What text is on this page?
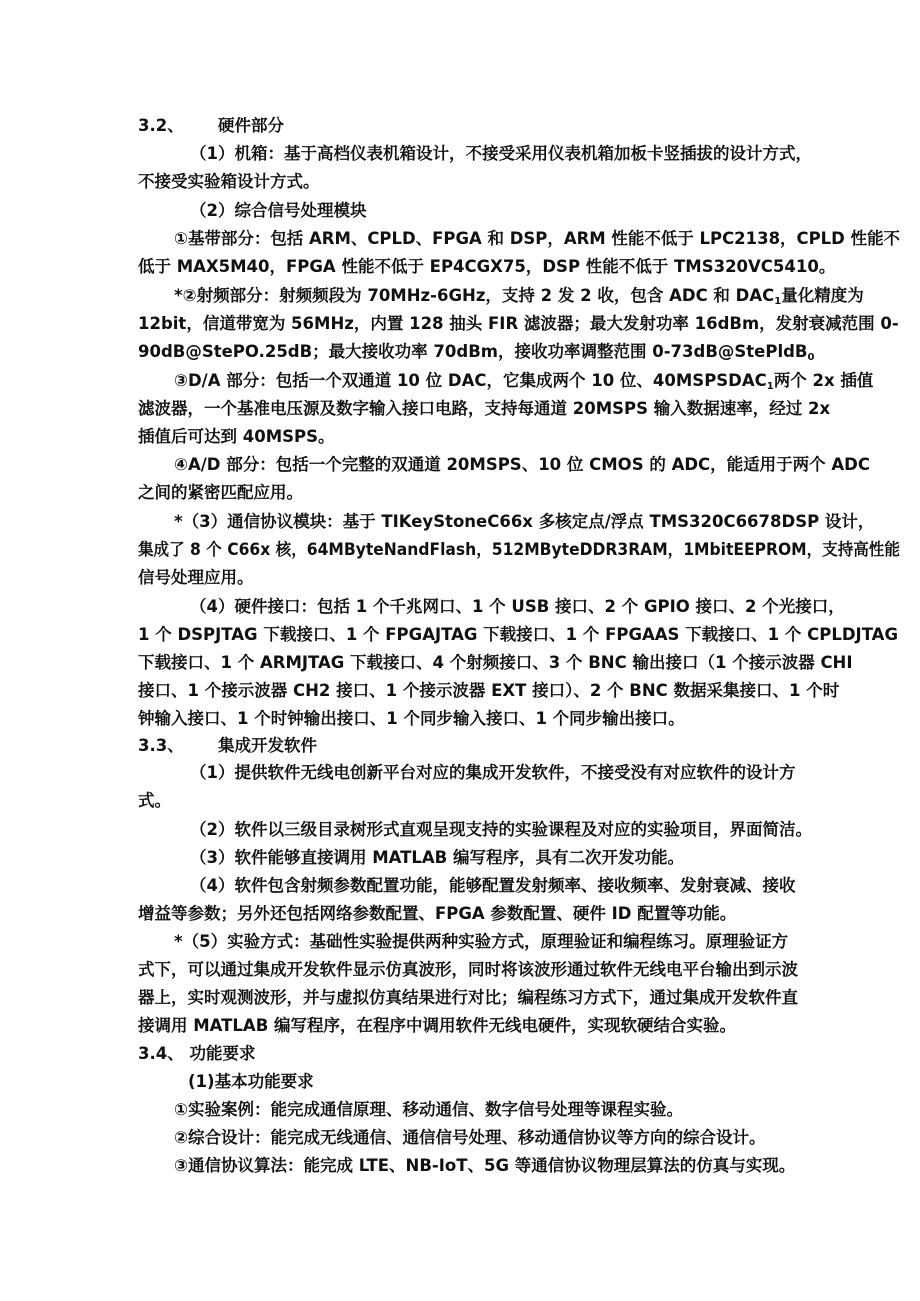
3.2、 硬件部分
（1）机箱：基于高档仪表机箱设计，不接受采用仪表机箱加板卡竖插拔的设计方式，
不接受实验箱设计方式。
（2）综合信号处理模块
①基带部分：包括 ARM、CPLD、FPGA 和 DSP，ARM 性能不低于 LPC2138，CPLD 性能不
低于 MAX5M40，FPGA 性能不低于 EP4CGX75，DSP 性能不低于 TMS320VC5410。
*②射频部分：射频频段为 70MHz-6GHz，支持 2 发 2 收，包含 ADC 和 $DAC_1$量化精度为
12bit，信道带宽为 56MHz，内置 128 抽头 FIR 滤波器；最大发射功率 16dBm，发射衰减范围 0-
90dB@StePO.25dB；最大接收功率 70dBm，接收功率调整范围 0-73dB@StePldB$_0$
③D/A 部分：包括一个双通道 10 位 DAC，它集成两个 10 位、$40MSPSDAC_1$两个 2x 插值
滤波器，一个基准电压源及数字输入接口电路，支持每通道 20MSPS 输入数据速率，经过 2x
插值后可达到 40MSPS。
④A/D 部分：包括一个完整的双通道 20MSPS、10 位 CMOS 的 ADC，能适用于两个 ADC
之间的紧密匹配应用。
*（3）通信协议模块：基于 TIKeyStoneC66x 多核定点/浮点 TMS320C6678DSP 设计，
集成了 8 个 C66x 核，64MByteNandFlash，512MByteDDR3RAM，1MbitEEPROM，支持高性能
信号处理应用。
（4）硬件接口：包括 1 个千兆网口、1 个 USB 接口、2 个 GPIO 接口、2 个光接口，
1 个 DSPJTAG 下载接口、1 个 FPGAJTAG 下载接口、1 个 FPGAAS 下载接口、1 个 CPLDJTAG
下载接口、1 个 ARMJTAG 下载接口、4 个射频接口、3 个 BNC 输出接口（1 个接示波器 CHI
接口、1 个接示波器 CH2 接口、1 个接示波器 EXT 接口）、2 个 BNC 数据采集接口、1 个时
钟输入接口、1 个时钟输出接口、1 个同步输入接口、1 个同步输出接口。
3.3、 集成开发软件
（1）提供软件无线电创新平台对应的集成开发软件，不接受没有对应软件的设计方
式。
（2）软件以三级目录树形式直观呈现支持的实验课程及对应的实验项目，界面简洁。
（3）软件能够直接调用 MATLAB 编写程序，具有二次开发功能。
（4）软件包含射频参数配置功能，能够配置发射频率、接收频率、发射衰减、接收
增益等参数；另外还包括网络参数配置、FPGA 参数配置、硬件 ID 配置等功能。
*（5）实验方式：基础性实验提供两种实验方式，原理验证和编程练习。原理验证方
式下，可以通过集成开发软件显示仿真波形，同时将该波形通过软件无线电平台输出到示波
器上，实时观测波形，并与虚拟仿真结果进行对比；编程练习方式下，通过集成开发软件直
接调用 MATLAB 编写程序，在程序中调用软件无线电硬件，实现软硬结合实验。
3.4、 功能要求
(1)基本功能要求
①实验案例：能完成通信原理、移动通信、数字信号处理等课程实验。
②综合设计：能完成无线通信、通信信号处理、移动通信协议等方向的综合设计。
③通信协议算法：能完成 LTE、NB-IoT、5G 等通信协议物理层算法的仿真与实现。
